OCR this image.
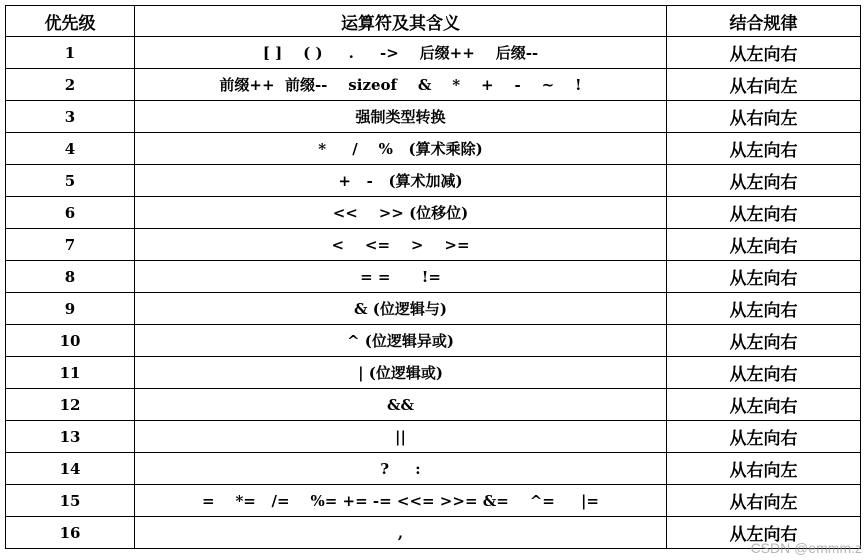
优先级	运算符及其含义	结合规律
1	[ ]    ( )     .     ->    后缀++    后缀--	从左向右
2	前缀++  前缀--    sizeof    &    *    +    -    ~    !	从右向左
3	强制类型转换	从右向左
4	*     /    %   (算术乘除)	从左向右
5	+   -   (算术加减)	从左向右
6	<<    >> (位移位)	从左向右
7	<    <=    >    >=	从左向右
8	= =      !=	从左向右
9	& (位逻辑与)	从左向右
10	^ (位逻辑异或)	从左向右
11	| (位逻辑或)	从左向右
12	&&	从左向右
13	||	从左向右
14	?     :	从右向左
15	=    *=   /=    %= += -= <<= >>= &=    ^=     |=	从右向左
16	,	从左向右
CSDN @emmm.z
